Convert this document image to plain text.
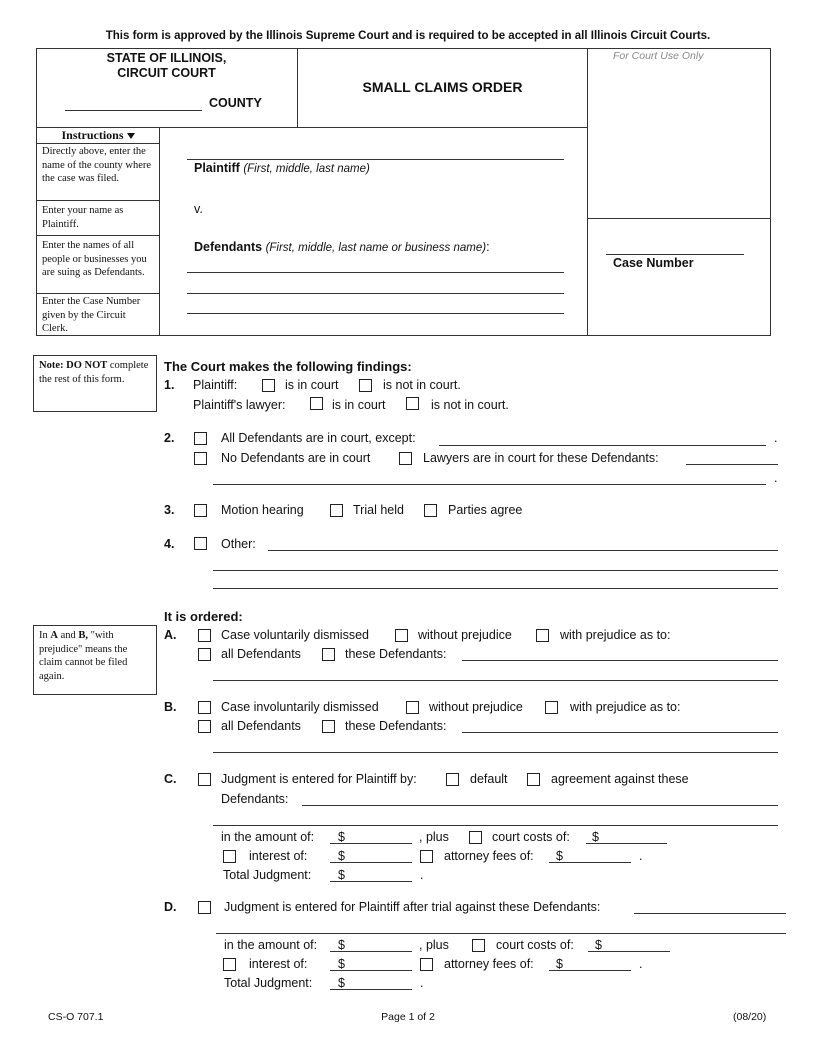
This form is approved by the Illinois Supreme Court and is required to be accepted in all Illinois Circuit Courts.
STATE OF ILLINOIS,
CIRCUIT COURT
COUNTY
SMALL CLAIMS ORDER
For Court Use Only
Instructions
Directly above, enter the name of the county where the case was filed.
Enter your name as Plaintiff.
Enter the names of all people or businesses you are suing as Defendants.
Enter the Case Number given by the Circuit Clerk.
Plaintiff (First, middle, last name)
v.
Defendants (First, middle, last name or business name):
Case Number
Note: DO NOT complete the rest of this form.
In A and B, "with prejudice" means the claim cannot be filed again.
The Court makes the following findings:
1. Plaintiff:	is in court	is not in court.
Plaintiff's lawyer:	is in court	is not in court.
2.	All Defendants are in court, except:	.
No Defendants are in court	Lawyers are in court for these Defendants:
.
3.	Motion hearing	Trial held	Parties agree
4.	Other:
It is ordered:
A.	Case voluntarily dismissed	without prejudice	with prejudice as to:
all Defendants	these Defendants:
B.	Case involuntarily dismissed	without prejudice	with prejudice as to:
all Defendants	these Defendants:
C.	Judgment is entered for Plaintiff by:	default	agreement against these
Defendants:
in the amount of: $	, plus	court costs of: $
interest of: $	attorney fees of: $	.
Total Judgment: $	.
D.	Judgment is entered for Plaintiff after trial against these Defendants:
in the amount of: $	, plus	court costs of: $
interest of: $	attorney fees of: $	.
Total Judgment: $	.
CS-O 707.1	Page 1 of 2	(08/20)
